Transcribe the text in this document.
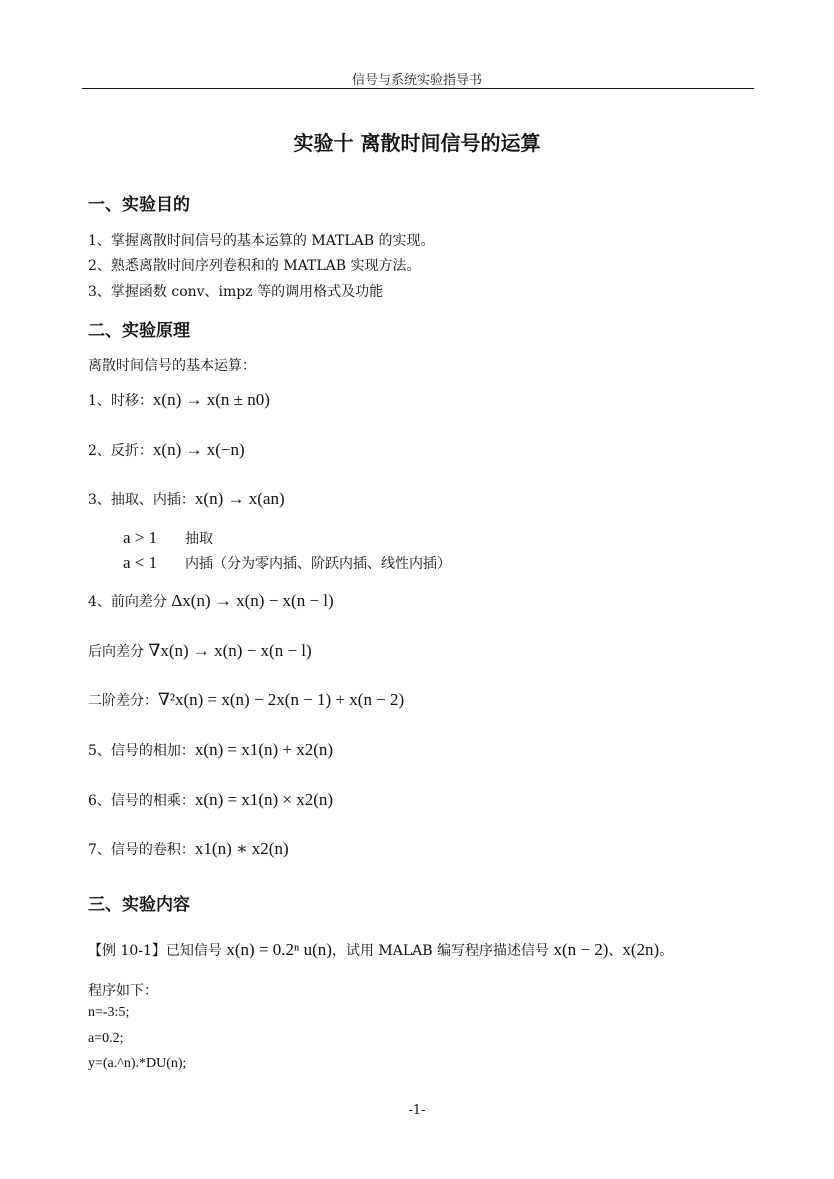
信号与系统实验指导书
实验十 离散时间信号的运算
一、实验目的
1、掌握离散时间信号的基本运算的 MATLAB 的实现。
2、熟悉离散时间序列卷积和的 MATLAB 实现方法。
3、掌握函数 conv、impz 等的调用格式及功能
二、实验原理
离散时间信号的基本运算：
1、时移：x(n) → x(n ± n0)
2、反折：x(n) → x(−n)
3、抽取、内插：x(n) → x(an)
a > 1 抽取
a < 1 内插（分为零内插、阶跃内插、线性内插）
4、前向差分 Δx(n) → x(n) − x(n − l)
后向差分 ∇x(n) → x(n) − x(n − l)
二阶差分：∇²x(n) = x(n) − 2x(n − 1) + x(n − 2)
5、信号的相加：x(n) = x1(n) + x2(n)
6、信号的相乘：x(n) = x1(n) × x2(n)
7、信号的卷积：x1(n) ∗ x2(n)
三、实验内容
【例 10-1】已知信号 x(n) = 0.2ⁿ u(n)，试用 MALAB 编写程序描述信号 x(n − 2)、x(2n)。
程序如下：
n=-3:5;
a=0.2;
y=(a.^n).*DU(n);
-1-
